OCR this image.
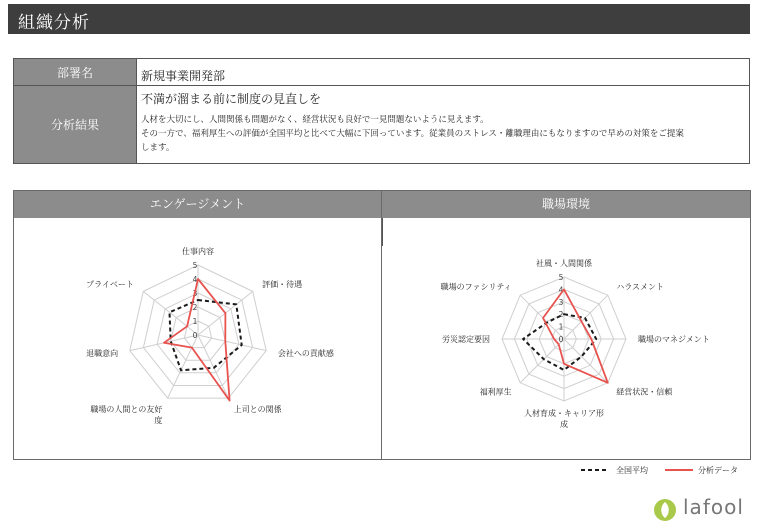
組織分析
部署名	新規事業開発部
分析結果	不満が溜まる前に制度の見直しを
人材を大切にし、人間関係も問題がなく、経営状況も良好で一見問題ないように見えます。
その一方で、福利厚生への評価が全国平均と比べて大幅に下回っています。従業員のストレス・離職理由にもなりますので早めの対策をご提案
します。
エンゲージメント
0
1
2
3
4
5
仕事内容
評価・待遇
会社への貢献感
上司との関係
職場の人間との友好度
退職意向
プライベート
職場環境
0
1
2
3
4
5
社風・人間関係
ハラスメント
職場のマネジメント
経営状況・信頼
人材育成・キャリア形成
福利厚生
労災認定要因
職場のファシリティ
全国平均	分析データ
lafool
